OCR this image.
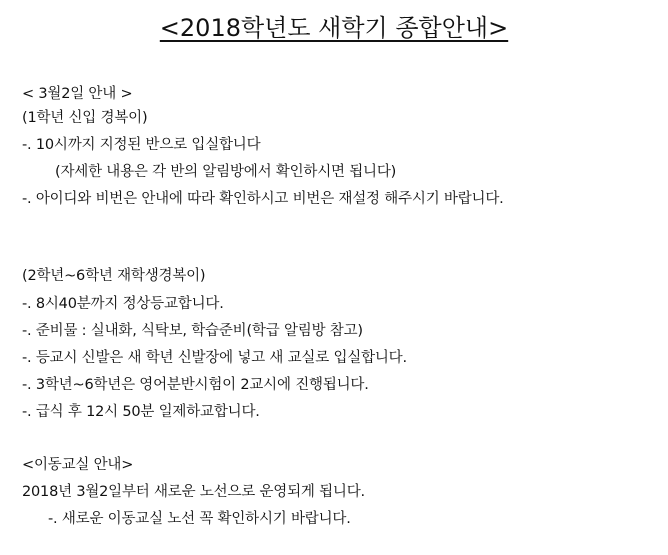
<2018학년도 새학기 종합안내>
< 3월2일 안내 >
(1학년 신입 경복이)
-. 10시까지 지정된 반으로 입실합니다
(자세한 내용은 각 반의 알림방에서 확인하시면 됩니다)
-. 아이디와 비번은 안내에 따라 확인하시고 비번은 재설정 해주시기 바랍니다.
(2학년~6학년 재학생경복이)
-. 8시40분까지 정상등교합니다.
-. 준비물 : 실내화, 식탁보, 학습준비(학급 알림방 참고)
-. 등교시 신발은 새 학년 신발장에 넣고 새 교실로 입실합니다.
-. 3학년~6학년은 영어분반시험이 2교시에 진행됩니다.
-. 급식 후 12시 50분 일제하교합니다.
<이동교실 안내>
2018년 3월2일부터 새로운 노선으로 운영되게 됩니다.
-. 새로운 이동교실 노선 꼭 확인하시기 바랍니다.
